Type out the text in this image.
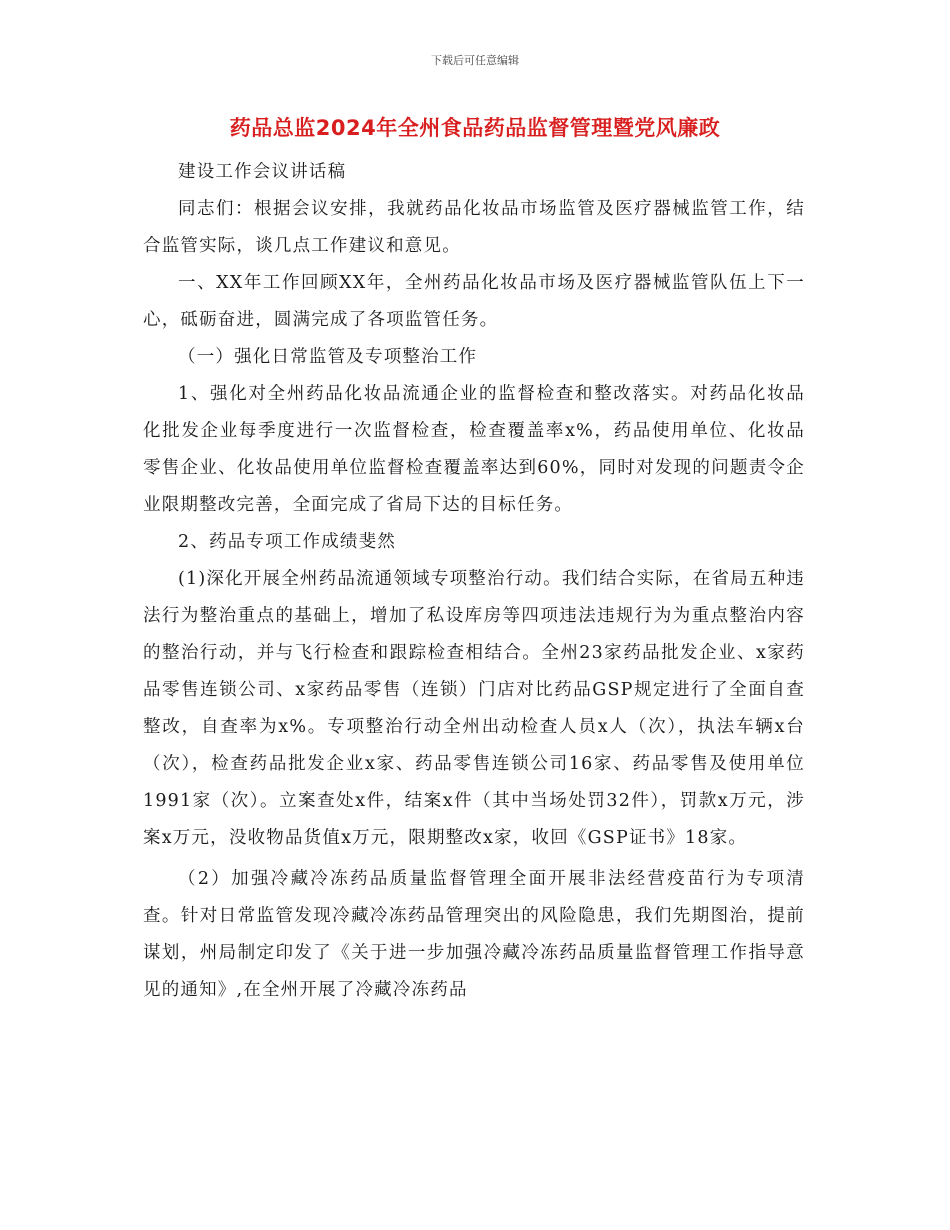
下载后可任意编辑
药品总监2024年全州食品药品监督管理暨党风廉政

建设工作会议讲话稿

同志们：根据会议安排，我就药品化妆品市场监管及医疗器械监管工作，结合监管实际，谈几点工作建议和意见。

一、XX年工作回顾XX年，全州药品化妆品市场及医疗器械监管队伍上下一心，砥砺奋进，圆满完成了各项监管任务。

（一）强化日常监管及专项整治工作

1、强化对全州药品化妆品流通企业的监督检查和整改落实。对药品化妆品化批发企业每季度进行一次监督检查，检查覆盖率x%，药品使用单位、化妆品零售企业、化妆品使用单位监督检查覆盖率达到60%，同时对发现的问题责令企业限期整改完善，全面完成了省局下达的目标任务。

2、药品专项工作成绩斐然

(1)深化开展全州药品流通领域专项整治行动。我们结合实际，在省局五种违法行为整治重点的基础上，增加了私设库房等四项违法违规行为为重点整治内容的整治行动，并与飞行检查和跟踪检查相结合。全州23家药品批发企业、x家药品零售连锁公司、x家药品零售（连锁）门店对比药品GSP规定进行了全面自查整改，自查率为x%。专项整治行动全州出动检查人员x人（次），执法车辆x台（次），检查药品批发企业x家、药品零售连锁公司16家、药品零售及使用单位1991家（次）。立案查处x件，结案x件（其中当场处罚32件），罚款x万元，涉案x万元，没收物品货值x万元，限期整改x家，收回《GSP证书》18家。

（2）加强冷藏冷冻药品质量监督管理全面开展非法经营疫苗行为专项清查。针对日常监管发现冷藏冷冻药品管理突出的风险隐患，我们先期图治，提前谋划，州局制定印发了《关于进一步加强冷藏冷冻药品质量监督管理工作指导意见的通知》,在全州开展了冷藏冷冻药品
